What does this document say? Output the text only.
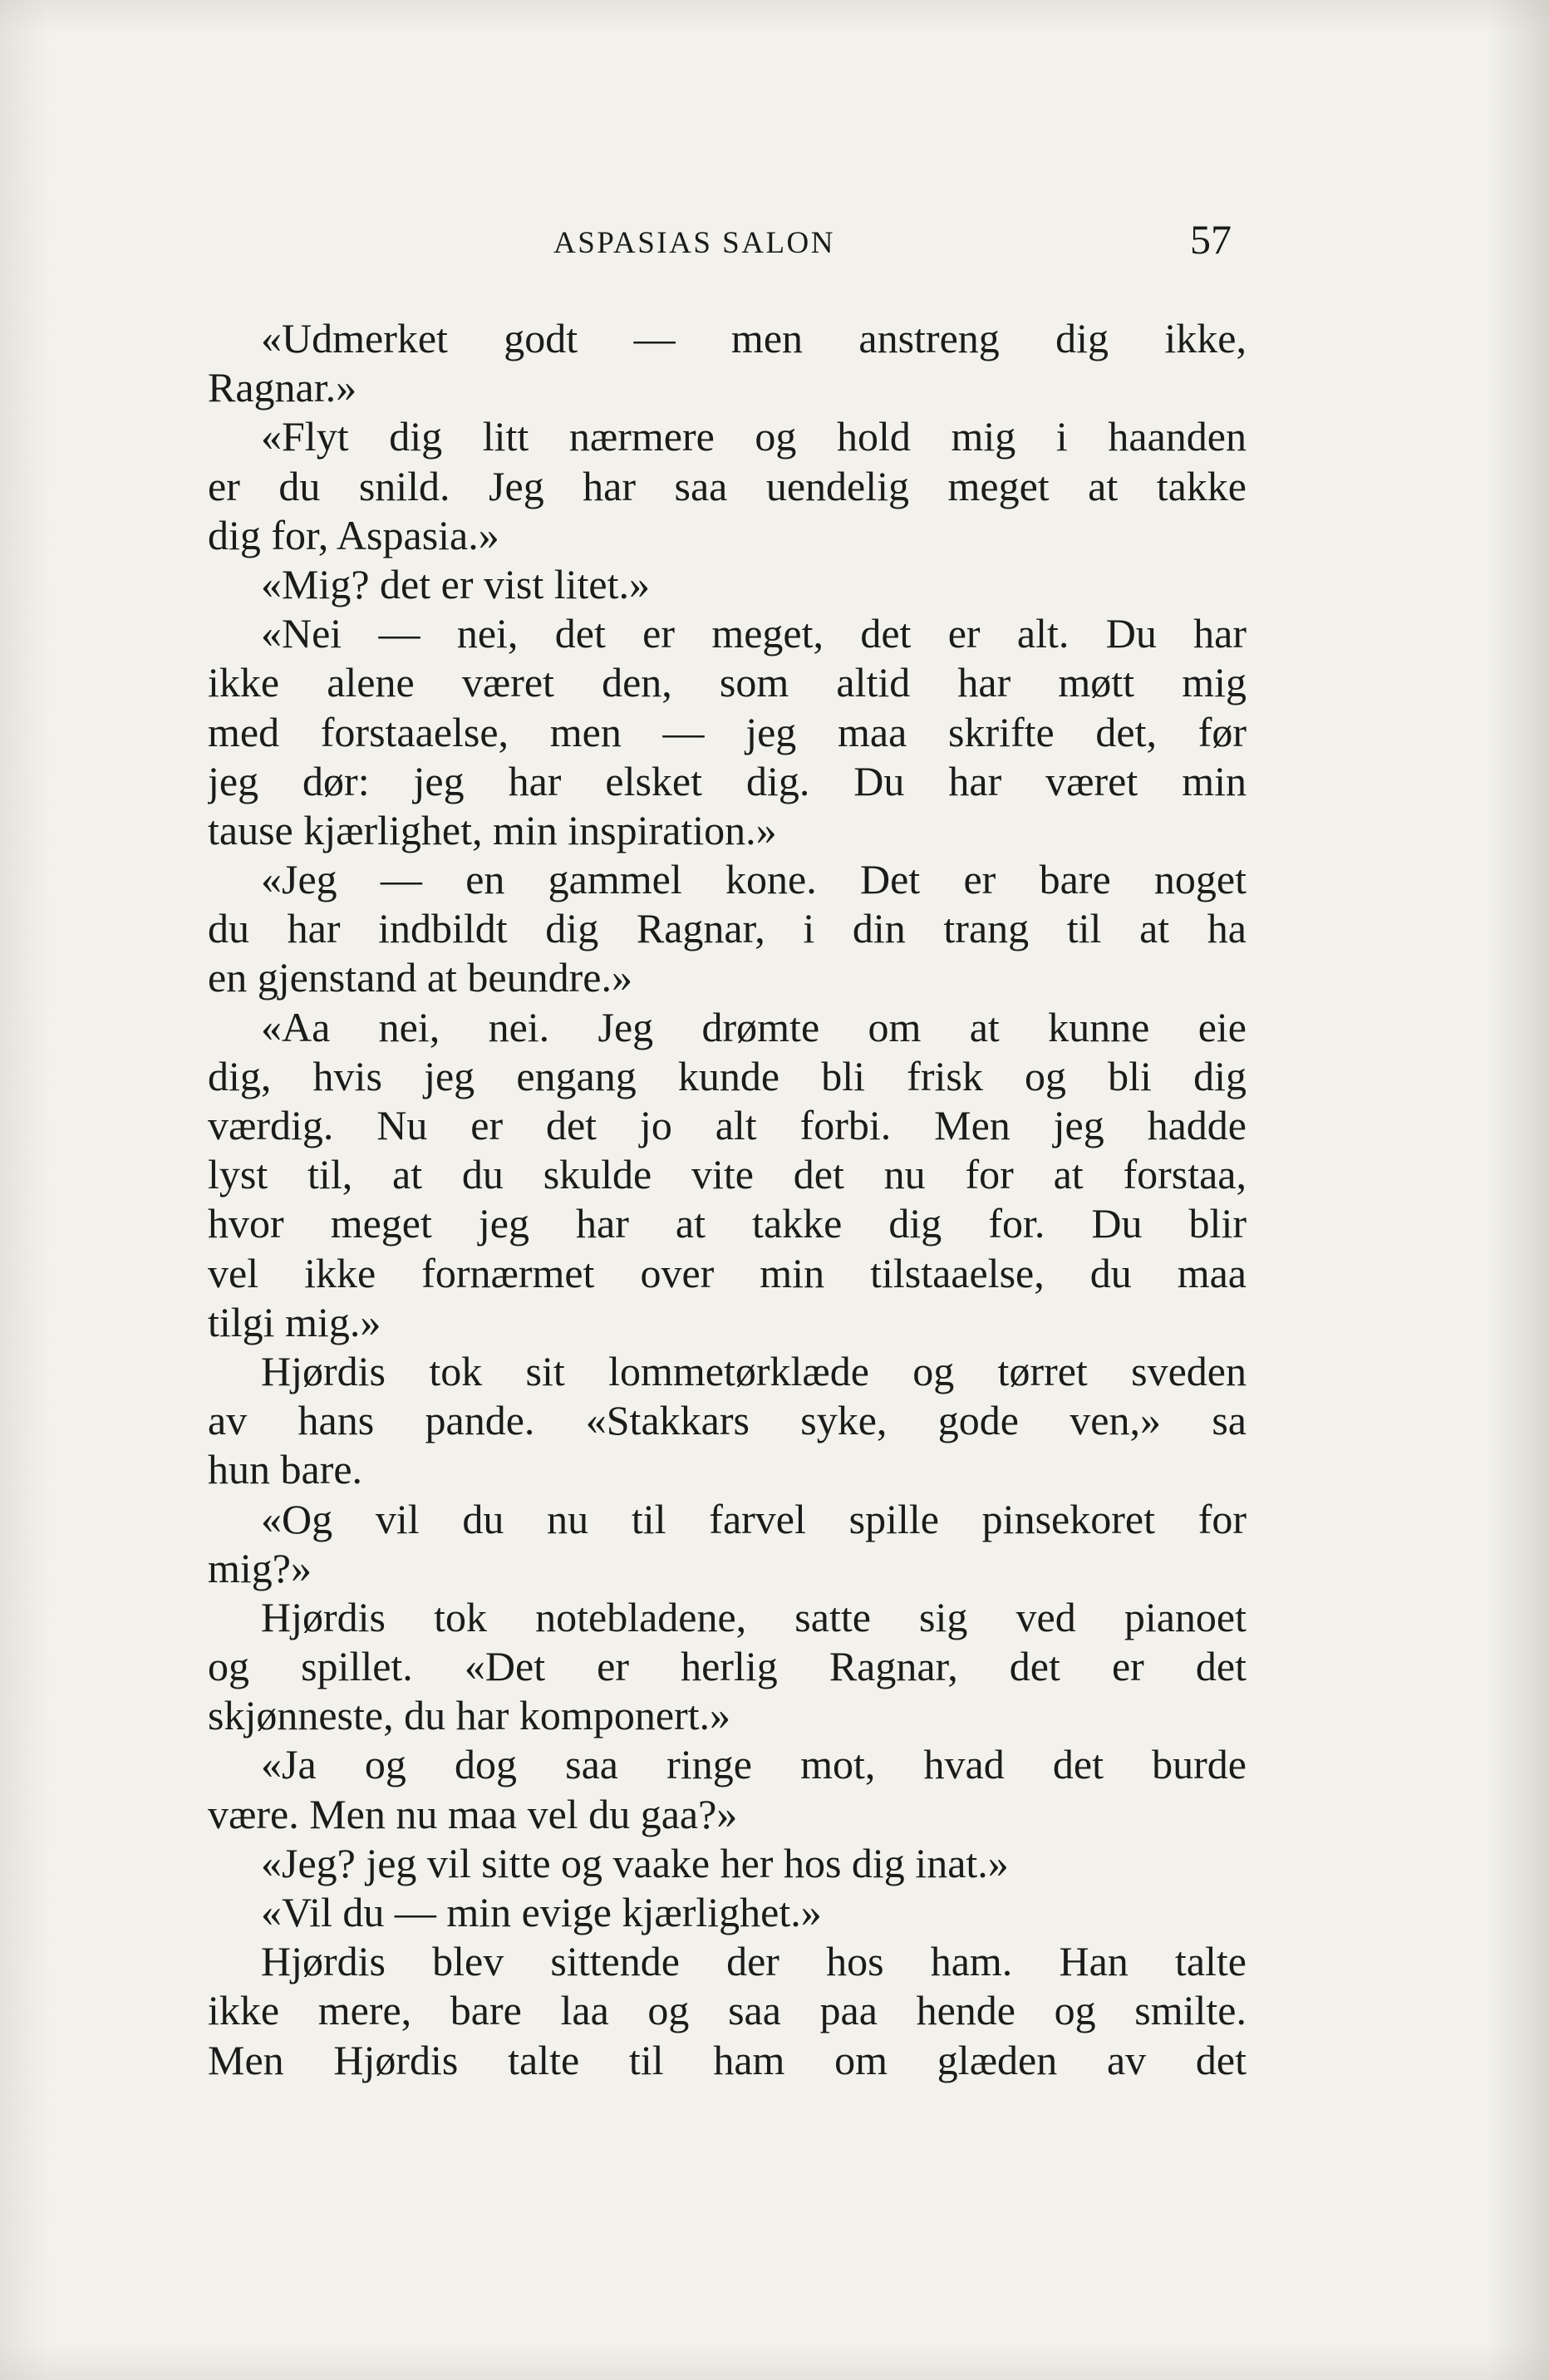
ASPASIAS SALON	57
«Udmerket godt — men anstreng dig ikke,
Ragnar.»
«Flyt dig litt nærmere og hold mig i haanden
er du snild. Jeg har saa uendelig meget at takke
dig for, Aspasia.»
«Mig? det er vist litet.»
«Nei — nei, det er meget, det er alt. Du har
ikke alene været den, som altid har møtt mig
med forstaaelse, men — jeg maa skrifte det, før
jeg dør: jeg har elsket dig. Du har været min
tause kjærlighet, min inspiration.»
«Jeg — en gammel kone. Det er bare noget
du har indbildt dig Ragnar, i din trang til at ha
en gjenstand at beundre.»
«Aa nei, nei. Jeg drømte om at kunne eie
dig, hvis jeg engang kunde bli frisk og bli dig
værdig. Nu er det jo alt forbi. Men jeg hadde
lyst til, at du skulde vite det nu for at forstaa,
hvor meget jeg har at takke dig for. Du blir
vel ikke fornærmet over min tilstaaelse, du maa
tilgi mig.»
Hjørdis tok sit lommetørklæde og tørret sveden
av hans pande. «Stakkars syke, gode ven,» sa
hun bare.
«Og vil du nu til farvel spille pinsekoret for
mig?»
Hjørdis tok notebladene, satte sig ved pianoet
og spillet. «Det er herlig Ragnar, det er det
skjønneste, du har komponert.»
«Ja og dog saa ringe mot, hvad det burde
være. Men nu maa vel du gaa?»
«Jeg? jeg vil sitte og vaake her hos dig inat.»
«Vil du — min evige kjærlighet.»
Hjørdis blev sittende der hos ham. Han talte
ikke mere, bare laa og saa paa hende og smilte.
Men Hjørdis talte til ham om glæden av det
